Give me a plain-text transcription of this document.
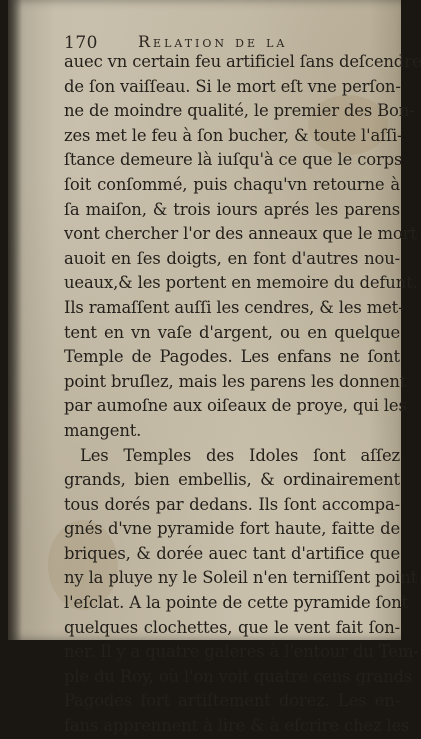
170	Relation de la
auec vn certain feu artificiel ſans deſcendre
de ſon vaiſſeau. Si le mort eſt vne perſon-
ne de moindre qualité, le premier des Bon-
zes met le feu à ſon bucher, & toute l'aſſi-
ſtance demeure là iuſqu'à ce que le corps
ſoit conſommé, puis chaqu'vn retourne à
ſa maiſon, & trois iours aprés les parens
vont chercher l'or des anneaux que le mort
auoit en ſes doigts, en font d'autres nou-
ueaux,& les portent en memoire du defunt.
Ils ramaſſent auſſi les cendres, & les met-
tent en vn vaſe d'argent, ou en quelque
Temple de Pagodes. Les enfans ne ſont
point bruſlez, mais les parens les donnent
par aumoſne aux oiſeaux de proye, qui les
mangent.
Les Temples des Idoles ſont aſſez
grands, bien embellis, & ordinairement
tous dorés par dedans. Ils ſont accompa-
gnés d'vne pyramide fort haute, faitte de
briques, & dorée auec tant d'artifice que
ny la pluye ny le Soleil n'en terniſſent point
l'eſclat. A la pointe de cette pyramide ſont
quelques clochettes, que le vent fait ſon-
ner. Il y a quatre galeres à l'entour du Tem-
ple du Roy, où l'on voit quatre cens grands
Pagodes fort artiſtement dorez. Les en-
fans apprennent à lire & à eſcrire chez les
